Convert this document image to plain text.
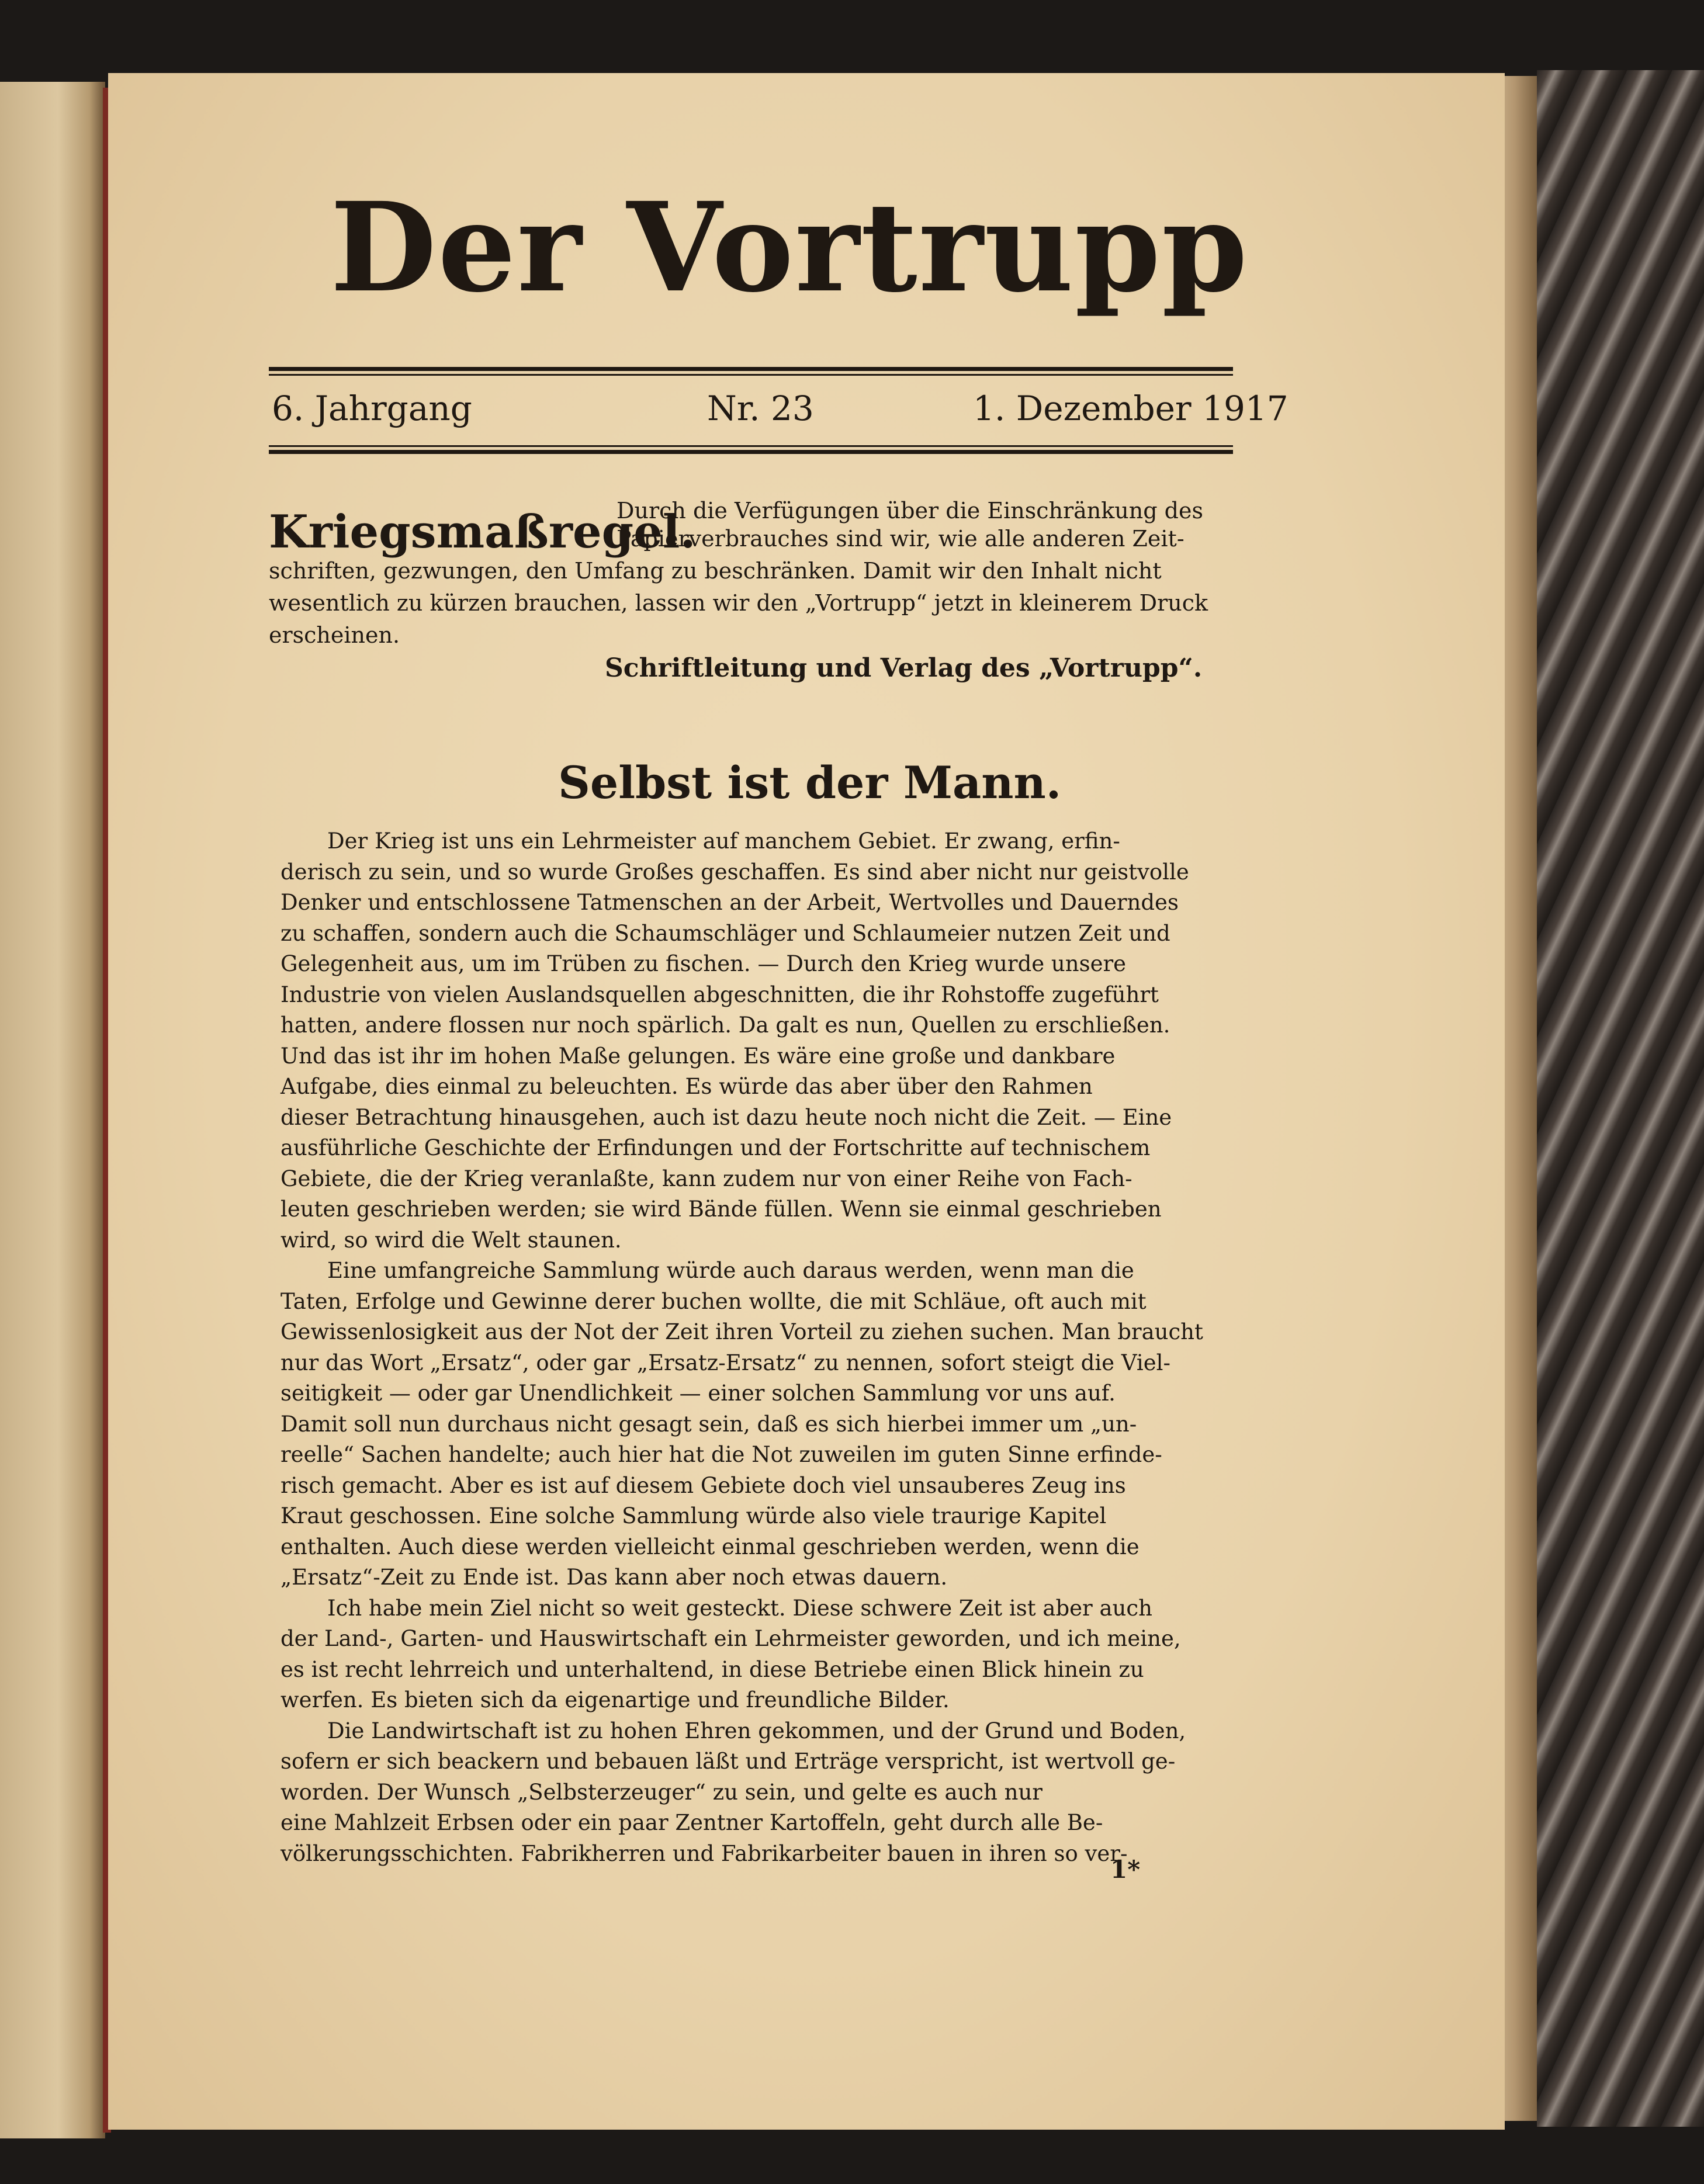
Der Vortrupp
6. Jahrgang	Nr. 23	1. Dezember 1917
Kriegsmaßregel.
Durch die Verfügungen über die Einschränkung des
Papierverbrauches sind wir, wie alle anderen Zeit-
schriften, gezwungen, den Umfang zu beschränken. Damit wir den Inhalt nicht
wesentlich zu kürzen brauchen, lassen wir den „Vortrupp“ jetzt in kleinerem Druck
erscheinen.
Schriftleitung und Verlag des „Vortrupp“.
Selbst ist der Mann.
Der Krieg ist uns ein Lehrmeister auf manchem Gebiet. Er zwang, erfin-
derisch zu sein, und so wurde Großes geschaffen. Es sind aber nicht nur geistvolle
Denker und entschlossene Tatmenschen an der Arbeit, Wertvolles und Dauerndes
zu schaffen, sondern auch die Schaumschläger und Schlaumeier nutzen Zeit und
Gelegenheit aus, um im Trüben zu fischen. — Durch den Krieg wurde unsere
Industrie von vielen Auslandsquellen abgeschnitten, die ihr Rohstoffe zugeführt
hatten, andere flossen nur noch spärlich. Da galt es nun, Quellen zu erschließen.
Und das ist ihr im hohen Maße gelungen. Es wäre eine große und dankbare
Aufgabe, dies einmal zu beleuchten. Es würde das aber über den Rahmen
dieser Betrachtung hinausgehen, auch ist dazu heute noch nicht die Zeit. — Eine
ausführliche Geschichte der Erfindungen und der Fortschritte auf technischem
Gebiete, die der Krieg veranlaßte, kann zudem nur von einer Reihe von Fach-
leuten geschrieben werden; sie wird Bände füllen. Wenn sie einmal geschrieben
wird, so wird die Welt staunen.
Eine umfangreiche Sammlung würde auch daraus werden, wenn man die
Taten, Erfolge und Gewinne derer buchen wollte, die mit Schläue, oft auch mit
Gewissenlosigkeit aus der Not der Zeit ihren Vorteil zu ziehen suchen. Man braucht
nur das Wort „Ersatz“, oder gar „Ersatz-Ersatz“ zu nennen, sofort steigt die Viel-
seitigkeit — oder gar Unendlichkeit — einer solchen Sammlung vor uns auf.
Damit soll nun durchaus nicht gesagt sein, daß es sich hierbei immer um „un-
reelle“ Sachen handelte; auch hier hat die Not zuweilen im guten Sinne erfinde-
risch gemacht. Aber es ist auf diesem Gebiete doch viel unsauberes Zeug ins
Kraut geschossen. Eine solche Sammlung würde also viele traurige Kapitel
enthalten. Auch diese werden vielleicht einmal geschrieben werden, wenn die
„Ersatz“-Zeit zu Ende ist. Das kann aber noch etwas dauern.
Ich habe mein Ziel nicht so weit gesteckt. Diese schwere Zeit ist aber auch
der Land-, Garten- und Hauswirtschaft ein Lehrmeister geworden, und ich meine,
es ist recht lehrreich und unterhaltend, in diese Betriebe einen Blick hinein zu
werfen. Es bieten sich da eigenartige und freundliche Bilder.
Die Landwirtschaft ist zu hohen Ehren gekommen, und der Grund und Boden,
sofern er sich beackern und bebauen läßt und Erträge verspricht, ist wertvoll ge-
worden. Der Wunsch „Selbsterzeuger“ zu sein, und gelte es auch nur
eine Mahlzeit Erbsen oder ein paar Zentner Kartoffeln, geht durch alle Be-
völkerungsschichten. Fabrikherren und Fabrikarbeiter bauen in ihren so ver-
1*
